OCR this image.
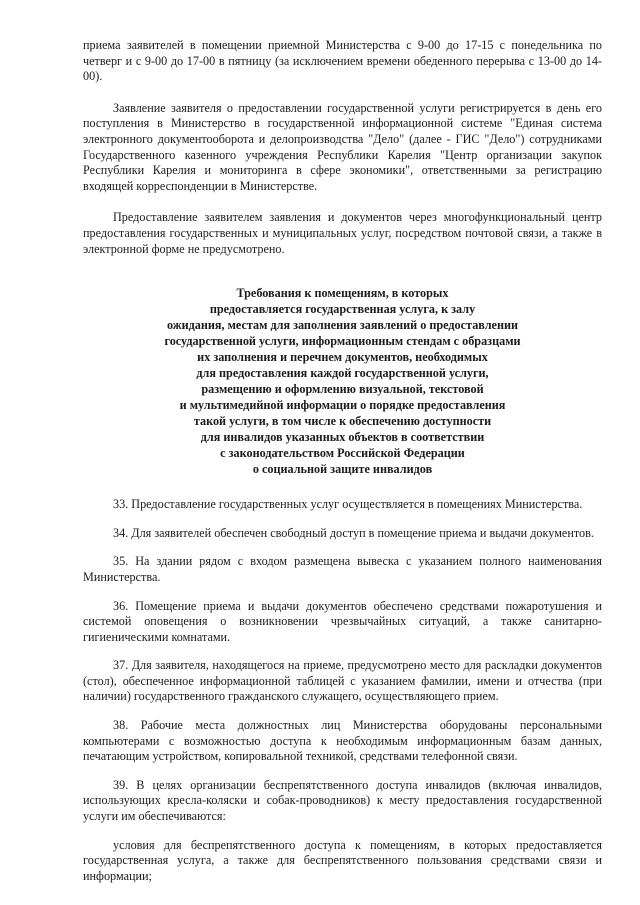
приема заявителей в помещении приемной Министерства с 9-00 до 17-15 с понедельника по четверг и с 9-00 до 17-00 в пятницу (за исключением времени обеденного перерыва с 13-00 до 14-00).

Заявление заявителя о предоставлении государственной услуги регистрируется в день его поступления в Министерство в государственной информационной системе "Единая система электронного документооборота и делопроизводства "Дело" (далее - ГИС "Дело") сотрудниками Государственного казенного учреждения Республики Карелия "Центр организации закупок Республики Карелия и мониторинга в сфере экономики", ответственными за регистрацию входящей корреспонденции в Министерстве.

Предоставление заявителем заявления и документов через многофункциональный центр предоставления государственных и муниципальных услуг, посредством почтовой связи, а также в электронной форме не предусмотрено.

Требования к помещениям, в которых
предоставляется государственная услуга, к залу
ожидания, местам для заполнения заявлений о предоставлении
государственной услуги, информационным стендам с образцами
их заполнения и перечнем документов, необходимых
для предоставления каждой государственной услуги,
размещению и оформлению визуальной, текстовой
и мультимедийной информации о порядке предоставления
такой услуги, в том числе к обеспечению доступности
для инвалидов указанных объектов в соответствии
с законодательством Российской Федерации
о социальной защите инвалидов

33. Предоставление государственных услуг осуществляется в помещениях Министерства.

34. Для заявителей обеспечен свободный доступ в помещение приема и выдачи документов.

35. На здании рядом с входом размещена вывеска с указанием полного наименования Министерства.

36. Помещение приема и выдачи документов обеспечено средствами пожаротушения и системой оповещения о возникновении чрезвычайных ситуаций, а также санитарно-гигиеническими комнатами.

37. Для заявителя, находящегося на приеме, предусмотрено место для раскладки документов (стол), обеспеченное информационной таблицей с указанием фамилии, имени и отчества (при наличии) государственного гражданского служащего, осуществляющего прием.

38. Рабочие места должностных лиц Министерства оборудованы персональными компьютерами с возможностью доступа к необходимым информационным базам данных, печатающим устройством, копировальной техникой, средствами телефонной связи.

39. В целях организации беспрепятственного доступа инвалидов (включая инвалидов, использующих кресла-коляски и собак-проводников) к месту предоставления государственной услуги им обеспечиваются:

условия для беспрепятственного доступа к помещениям, в которых предоставляется государственная услуга, а также для беспрепятственного пользования средствами связи и информации;
